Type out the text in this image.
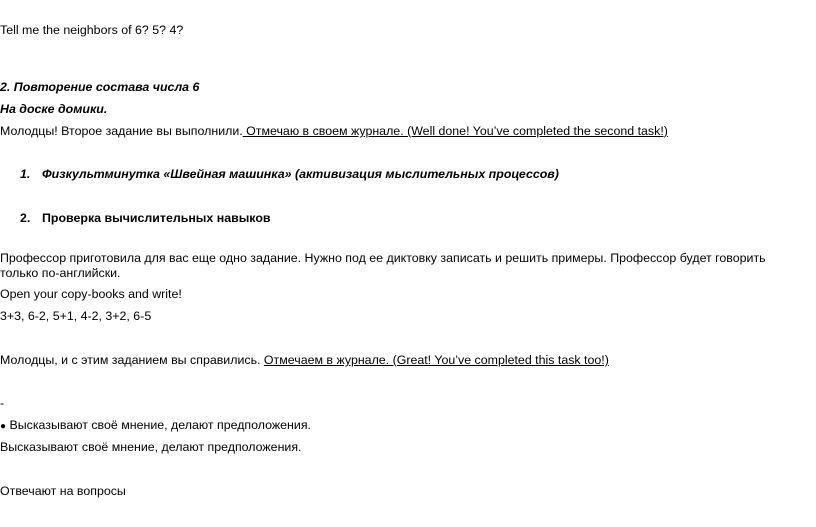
Tell me the neighbors of 6? 5? 4?
2. Повторение состава числа 6
На доске домики.
Молодцы! Второе задание вы выполнили. Отмечаю в своем журнале. (Well done! You’ve completed the second task!)
1. Физкультминутка «Швейная машинка» (активизация мыслительных процессов)
2. Проверка вычислительных навыков
Профессор приготовила для вас еще одно задание. Нужно под ее диктовку записать и решить примеры. Профессор будет говорить только по-английски.
Open your copy-books and write!
3+3, 6-2, 5+1, 4-2, 3+2, 6-5
Молодцы, и с этим заданием вы справились. Отмечаем в журнале. (Great! You’ve completed this task too!)
-
● Высказывают своё мнение, делают предположения.
Высказывают своё мнение, делают предположения.
Отвечают на вопросы
